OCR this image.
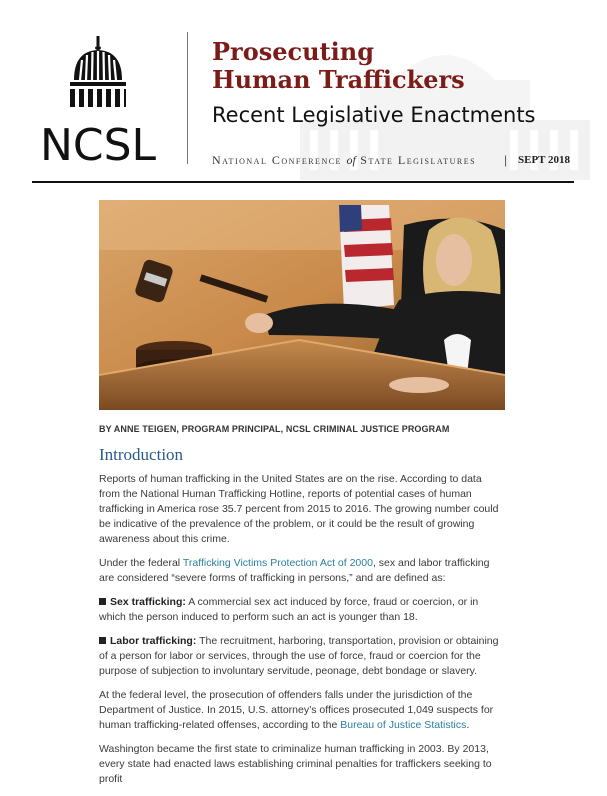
NCSL
Prosecuting
Human Traffickers
Recent Legislative Enactments
National Conference of State Legislatures | SEPT 2018
BY ANNE TEIGEN, PROGRAM PRINCIPAL, NCSL CRIMINAL JUSTICE PROGRAM
Introduction

Reports of human trafficking in the United States are on the rise. According to data from the National Human Trafficking Hotline, reports of potential cases of human trafficking in America rose 35.7 percent from 2015 to 2016. The growing number could be indicative of the prevalence of the problem, or it could be the result of growing awareness about this crime.

Under the federal Trafficking Victims Protection Act of 2000, sex and labor trafficking are considered “severe forms of trafficking in persons,” and are defined as:

Sex trafficking: A commercial sex act induced by force, fraud or coercion, or in which the person induced to perform such an act is younger than 18.

Labor trafficking: The recruitment, harboring, transportation, provision or obtaining of a person for labor or services, through the use of force, fraud or coercion for the purpose of subjection to involuntary servitude, peonage, debt bondage or slavery.

At the federal level, the prosecution of offenders falls under the jurisdiction of the Department of Justice. In 2015, U.S. attorney’s offices prosecuted 1,049 suspects for human trafficking-related offenses, according to the Bureau of Justice Statistics.

Washington became the first state to criminalize human trafficking in 2003. By 2013, every state had enacted laws establishing criminal penalties for traffickers seeking to profit
